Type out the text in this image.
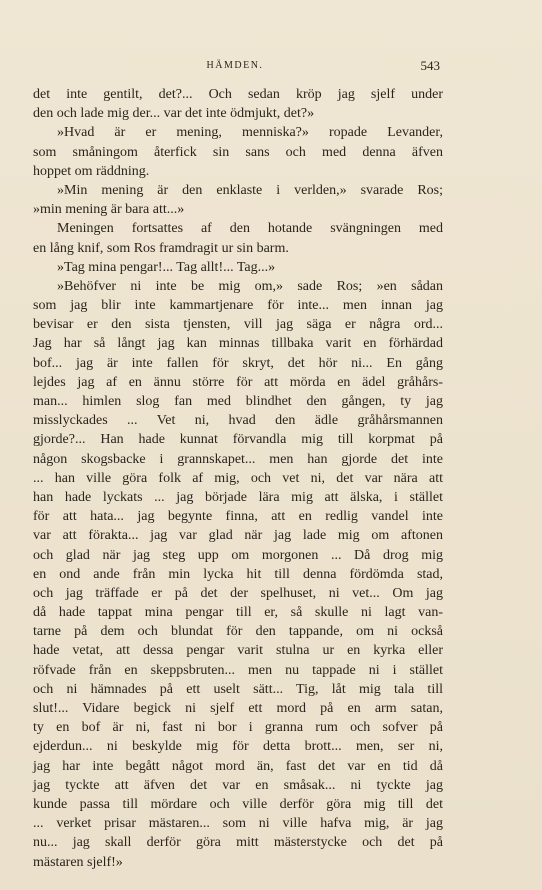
HÄMDEN.	543
det inte gentilt, det?... Och sedan kröp jag sjelf under
den och lade mig der... var det inte ödmjukt, det?»
»Hvad är er mening, menniska?» ropade Levander,
som småningom återfick sin sans och med denna äfven
hoppet om räddning.
»Min mening är den enklaste i verlden,» svarade Ros;
»min mening är bara att...»
Meningen fortsattes af den hotande svängningen med
en lång knif, som Ros framdragit ur sin barm.
»Tag mina pengar!... Tag allt!... Tag...»
»Behöfver ni inte be mig om,» sade Ros; »en sådan
som jag blir inte kammartjenare för inte... men innan jag
bevisar er den sista tjensten, vill jag säga er några ord...
Jag har så långt jag kan minnas tillbaka varit en förhärdad
bof... jag är inte fallen för skryt, det hör ni... En gång
lejdes jag af en ännu större för att mörda en ädel gråhårs-
man... himlen slog fan med blindhet den gången, ty jag
misslyckades ... Vet ni, hvad den ädle gråhårsmannen
gjorde?... Han hade kunnat förvandla mig till korpmat på
någon skogsbacke i grannskapet... men han gjorde det inte
... han ville göra folk af mig, och vet ni, det var nära att
han hade lyckats ... jag började lära mig att älska, i stället
för att hata... jag begynte finna, att en redlig vandel inte
var att förakta... jag var glad när jag lade mig om aftonen
och glad när jag steg upp om morgonen ... Då drog mig
en ond ande från min lycka hit till denna fördömda stad,
och jag träffade er på det der spelhuset, ni vet... Om jag
då hade tappat mina pengar till er, så skulle ni lagt van-
tarne på dem och blundat för den tappande, om ni också
hade vetat, att dessa pengar varit stulna ur en kyrka eller
röfvade från en skeppsbruten... men nu tappade ni i stället
och ni hämnades på ett uselt sätt... Tig, låt mig tala till
slut!... Vidare begick ni sjelf ett mord på en arm satan,
ty en bof är ni, fast ni bor i granna rum och sofver på
ejderdun... ni beskylde mig för detta brott... men, ser ni,
jag har inte begått något mord än, fast det var en tid då
jag tyckte att äfven det var en småsak... ni tyckte jag
kunde passa till mördare och ville derför göra mig till det
... verket prisar mästaren... som ni ville hafva mig, är jag
nu... jag skall derför göra mitt mästerstycke och det på
mästaren sjelf!»
